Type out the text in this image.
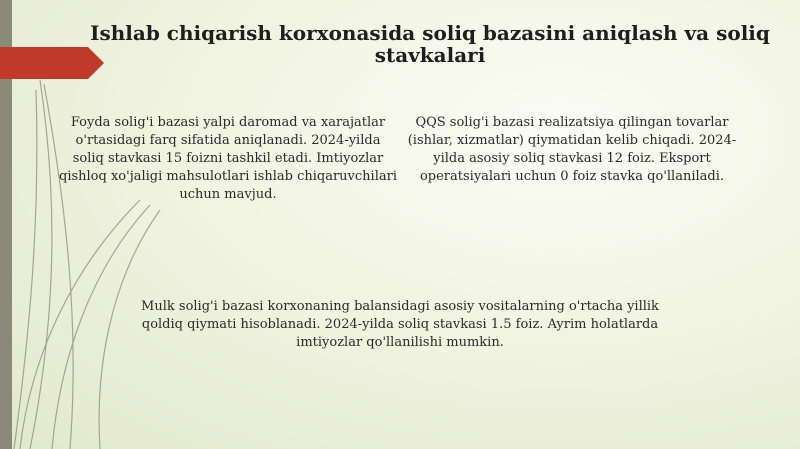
Ishlab chiqarish korxonasida soliq bazasini aniqlash va soliq stavkalari
Foyda solig'i bazasi yalpi daromad va xarajatlar o'rtasidagi farq sifatida aniqlanadi. 2024-yilda soliq stavkasi 15 foizni tashkil etadi. Imtiyozlar qishloq xo'jaligi mahsulotlari ishlab chiqaruvchilari uchun mavjud.
QQS solig'i bazasi realizatsiya qilingan tovarlar (ishlar, xizmatlar) qiymatidan kelib chiqadi. 2024-yilda asosiy soliq stavkasi 12 foiz. Eksport operatsiyalari uchun 0 foiz stavka qo'llaniladi.
Mulk solig'i bazasi korxonaning balansidagi asosiy vositalarning o'rtacha yillik qoldiq qiymati hisoblanadi. 2024-yilda soliq stavkasi 1.5 foiz. Ayrim holatlarda imtiyozlar qo'llanilishi mumkin.
